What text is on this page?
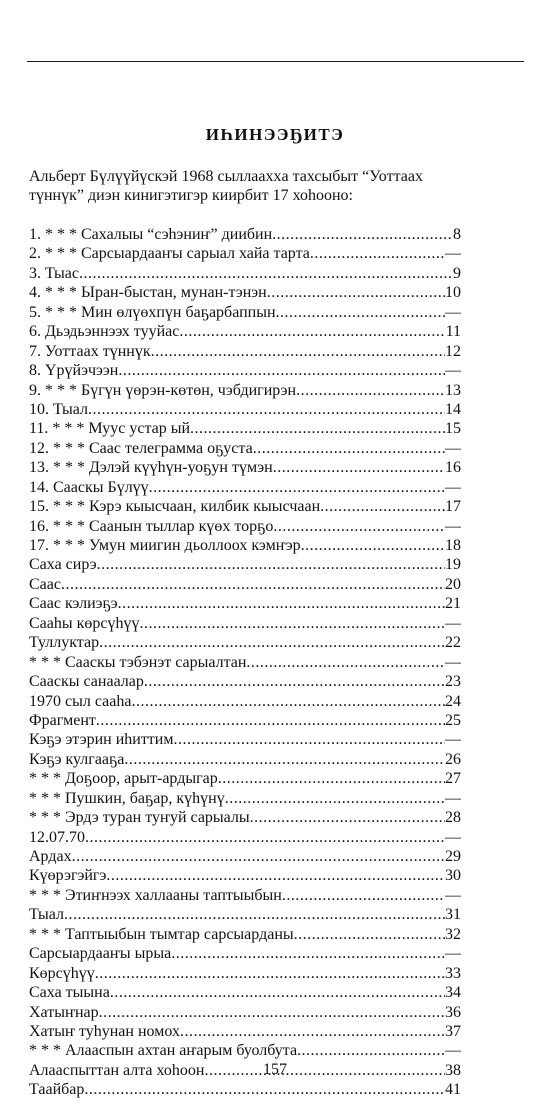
ИҺИНЭЭҔИТЭ
Альберт Бүлүүйүскэй 1968 сыллааххa тахсыбыт “Уоттаах түннүк” диэн кинигэтигэр киирбит 17 хоhооно:
1. * * * Сахалыы “сэhэниҥ” диибин .....	8
2. * * * Сарсыардааҥы сарыал хайа тарта .....	—
3. Тыас .....	9
4. * * * Ыран-быстан, мунан-тэнэн .....	10
5. * * * Мин өлүөхпүн баҕарбаппын .....	—
6. Дьэдьэннээх тууйас .....	11
7. Уоттаах түннүк .....	12
8. Үрүйэчээн .....	—
9. * * * Бүгүн үөрэн-көтөн, чэбдигирэн .....	13
10. Тыал .....	14
11. * * * Муус устар ый .....	15
12. * * * Саас телеграмма оҕуста .....	—
13. * * * Дэлэй күүһүн-уоҕун түмэн .....	16
14. Сааскы Бүлүү .....	—
15. * * * Кэрэ кыысчаан, килбик кыысчаан .....	17
16. * * * Саанын тыллар күөх торҕо .....	—
17. * * * Умун миигин дьоллоох кэмҥэр .....	18
Саха сирэ .....	19
Саас .....	20
Саас кэлиэҕэ .....	21
Сааһы көрсүһүү .....	—
Туллуктар .....	22
* * * Сааскы тэбэнэт сарыалтан .....	—
Сааскы санаалар .....	23
1970 сыл сааһа .....	24
Фрагмент .....	25
Кэҕэ этэрин иһиттим .....	—
Кэҕэ кулгааҕа .....	26
* * * Доҕоор, арыт-ардыгар .....	27
* * * Пушкин, баҕар, күһүнү .....	—
* * * Эрдэ туран туҥуй сарыалы .....	28
12.07.70 .....	—
Ардах .....	29
Күөрэгэйгэ .....	30
* * * Этиҥнээх халлааны таптыыбын .....	—
Тыал .....	31
* * * Таптыыбын тымтар сарсыарданы .....	32
Сарсыардааҥы ырыа .....	—
Көрсүһүү .....	33
Саха тыына .....	34
Хатыҥнар .....	36
Хатыҥ туһунан номох .....	37
* * * Алааспын ахтан аҥарым буолбута .....	—
Алааспыттан алта хоhоон .....	38
Таайбар .....	41
157
